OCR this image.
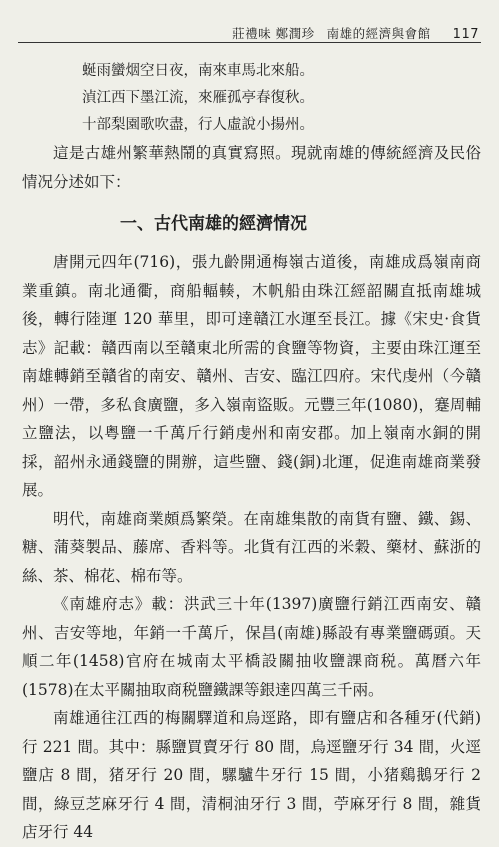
莊禮味 鄭潤珍 南雄的經濟與會館 117

蜒雨蠻烟空日夜，南來車馬北來船。

湞江西下墨江流，來雁孤亭春復秋。

十部梨園歌吹盡，行人虛說小揚州。

這是古雄州繁華熱鬧的真實寫照。現就南雄的傳統經濟及民俗情况分述如下：

一、古代南雄的經濟情况

唐開元四年(716)，張九齡開通梅嶺古道後，南雄成爲嶺南商業重鎮。南北通衢，商船輻輳，木帆船由珠江經韶關直抵南雄城後，轉行陸運 120 華里，即可達贛江水運至長江。據《宋史·食貨志》記載：贛西南以至贛東北所需的食鹽等物資，主要由珠江運至南雄轉銷至贛省的南安、贛州、吉安、臨江四府。宋代虔州（今贛州）一帶，多私食廣鹽，多入嶺南盜販。元豐三年(1080)，蹇周輔立鹽法，以粤鹽一千萬斤行銷虔州和南安郡。加上嶺南水銅的開採，韶州永通錢鹽的開辦，這些鹽、錢(銅)北運，促進南雄商業發展。

明代，南雄商業頗爲繁榮。在南雄集散的南貨有鹽、鐵、錫、糖、蒲葵製品、藤席、香料等。北貨有江西的米穀、藥材、蘇浙的絲、茶、棉花、棉布等。

《南雄府志》載：洪武三十年(1397)廣鹽行銷江西南安、贛州、吉安等地，年銷一千萬斤，保昌(南雄)縣設有專業鹽碼頭。天順二年(1458)官府在城南太平橋設關抽收鹽課商税。萬曆六年(1578)在太平關抽取商税鹽鐵課等銀達四萬三千兩。

南雄通往江西的梅關驛道和烏逕路，即有鹽店和各種牙(代銷)行 221 間。其中：縣鹽買賣牙行 80 間，烏逕鹽牙行 34 間，火逕鹽店 8 間，猪牙行 20 間，騾驢牛牙行 15 間，小猪鷄鵝牙行 2 間，綠豆芝麻牙行 4 間，清桐油牙行 3 間，苧麻牙行 8 間，雜貨店牙行 44
